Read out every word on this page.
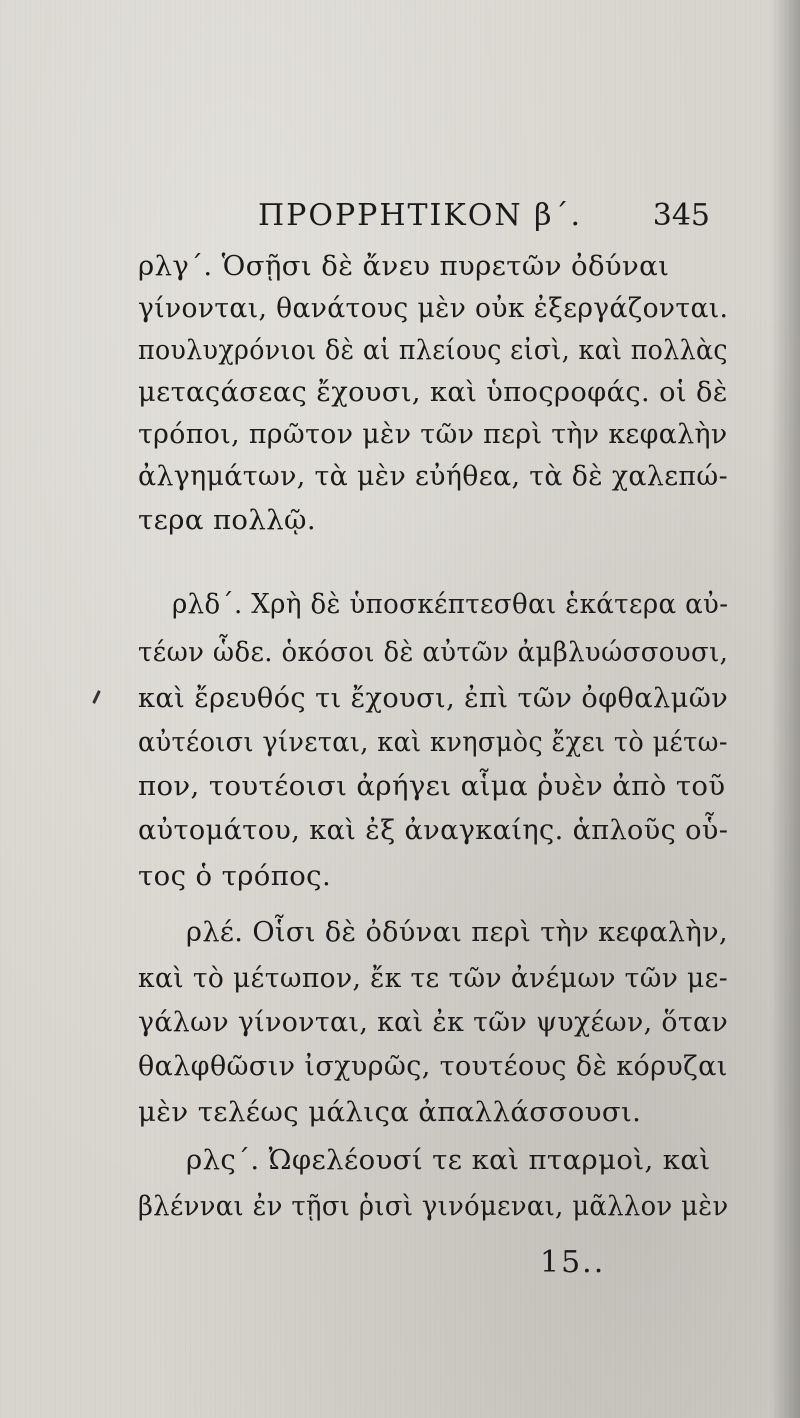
ΠΡΟΡΡΗΤΙΚΟΝ β΄. 345
ρλγ΄. Ὁσῇσι δὲ ἄνευ πυρετῶν ὀδύναι
γίνονται, θανάτους μὲν οὐκ ἐξεργάζονται.
πουλυχρόνιοι δὲ αἱ πλείους εἰσὶ, καὶ πολλὰς
μεταςάσεας ἔχουσι, καὶ ὑποςροφάς. οἱ δὲ
τρόποι, πρῶτον μὲν τῶν περὶ τὴν κεφαλὴν
ἀλγημάτων, τὰ μὲν εὐήθεα, τὰ δὲ χαλεπώ-
τερα πολλῷ.
ρλδ΄. Χρὴ δὲ ὑποσκέπτεσθαι ἑκάτερα αὐ-
τέων ὧδε. ὁκόσοι δὲ αὐτῶν ἀμβλυώσσουσι,
καὶ ἔρευθός τι ἔχουσι, ἐπὶ τῶν ὀφθαλμῶν
αὐτέοισι γίνεται, καὶ κνησμὸς ἔχει τὸ μέτω-
πον, τουτέοισι ἀρήγει αἷμα ῥυὲν ἀπὸ τοῦ
αὐτομάτου, καὶ ἐξ ἀναγκαίης. ἁπλοῦς οὗ-
τος ὁ τρόπος.
ρλέ. Οἷσι δὲ ὀδύναι περὶ τὴν κεφαλὴν,
καὶ τὸ μέτωπον, ἔκ τε τῶν ἀνέμων τῶν με-
γάλων γίνονται, καὶ ἐκ τῶν ψυχέων, ὅταν
θαλφθῶσιν ἰσχυρῶς, τουτέους δὲ κόρυζαι
μὲν τελέως μάλιςα ἀπαλλάσσουσι.
ρλς΄. Ὠφελέουσί τε καὶ πταρμοὶ, καὶ
βλένναι ἐν τῇσι ῥισὶ γινόμεναι, μᾶλλον μὲν
15..
